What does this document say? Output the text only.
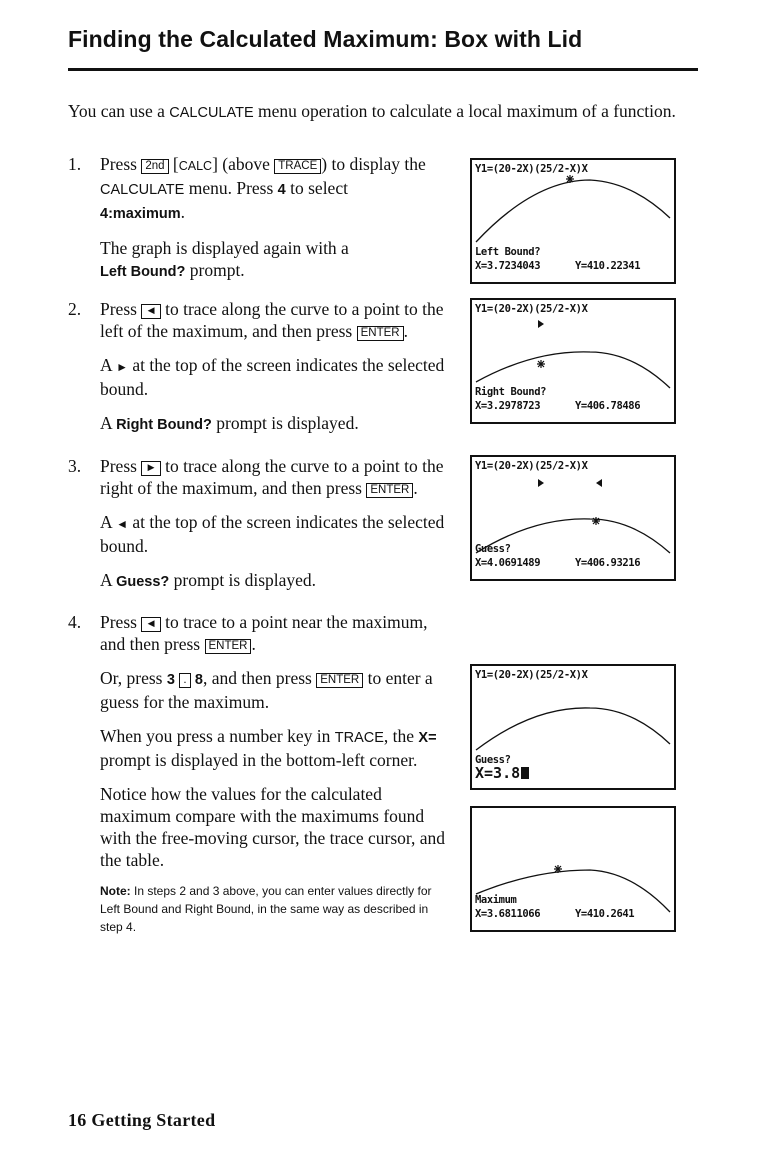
Finding the Calculated Maximum: Box with Lid
You can use a CALCULATE menu operation to calculate a local maximum of a function.
1.	Press 2nd [CALC] (above TRACE ) to display the CALCULATE menu. Press 4 to select
4:maximum.

The graph is displayed again with a
Left Bound? prompt.

2.	Press ◄ to trace along the curve to a point to the left of the maximum, and then press ENTER .

A ► at the top of the screen indicates the selected bound.

A Right Bound? prompt is displayed.

3.	Press ► to trace along the curve to a point to the right of the maximum, and then press ENTER .

A ◄ at the top of the screen indicates the selected bound.

A Guess? prompt is displayed.

4.	Press ◄ to trace to a point near the maximum, and then press ENTER .

Or, press 3 . 8, and then press ENTER to enter a guess for the maximum.

When you press a number key in TRACE, the X= prompt is displayed in the bottom-left corner.

Notice how the values for the calculated maximum compare with the maximums found with the free-moving cursor, the trace cursor, and the table.

Note: In steps 2 and 3 above, you can enter values directly for Left Bound and Right Bound, in the same way as described in step 4.
Y1=(20-2X)(25/2-X)X
Left Bound?
X=3.7234043	Y=410.22341
Y1=(20-2X)(25/2-X)X
Right Bound?
X=3.2978723	Y=406.78486
Y1=(20-2X)(25/2-X)X
Guess?
X=4.0691489	Y=406.93216
Y1=(20-2X)(25/2-X)X
Guess?
X=3.8
Maximum
X=3.6811066	Y=410.2641
16 Getting Started
